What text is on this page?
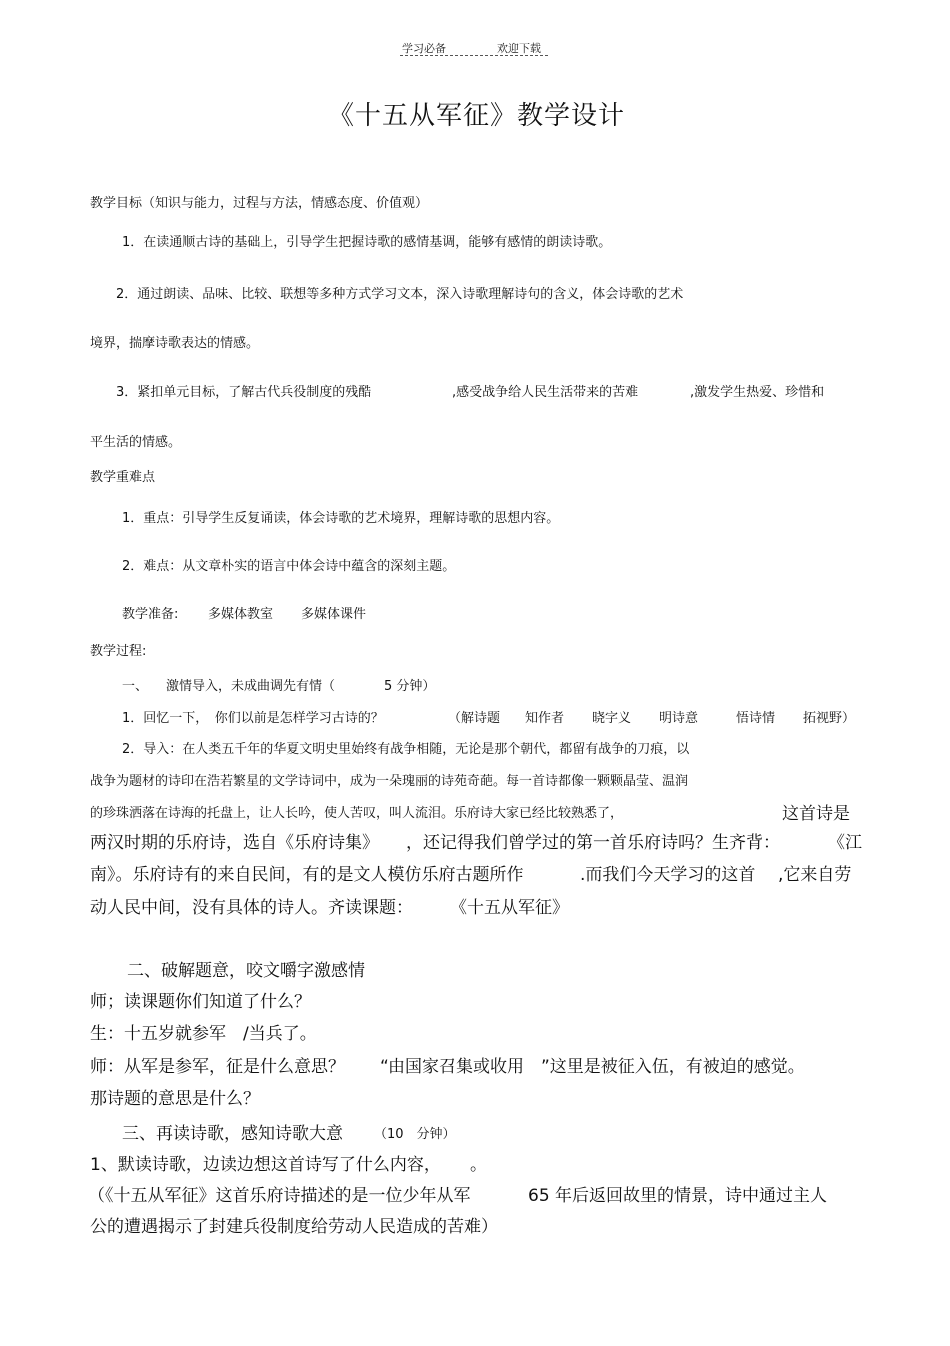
学习必备	欢迎下载
《十五从军征》教学设计
教学目标（知识与能力，过程与方法，情感态度、价值观）
1．在读通顺古诗的基础上，引导学生把握诗歌的感情基调，能够有感情的朗读诗歌。
2．通过朗读、品味、比较、联想等多种方式学习文本，深入诗歌理解诗句的含义，体会诗歌的艺术
境界，揣摩诗歌表达的情感。
3．紧扣单元目标，了解古代兵役制度的残酷	,感受战争给人民生活带来的苦难	,激发学生热爱、珍惜和
平生活的情感。
教学重难点
1．重点：引导学生反复诵读，体会诗歌的艺术境界，理解诗歌的思想内容。
2．难点：从文章朴实的语言中体会诗中蕴含的深刻主题。
教学准备: 多媒体教室 多媒体课件
教学过程:
一、 激情导入，未成曲调先有情（	5 分钟）
1．回忆一下，　你们以前是怎样学习古诗的？	（解诗题 知作者 晓字义 明诗意	悟诗情 拓视野）
2．导入：在人类五千年的华夏文明史里始终有战争相随，无论是那个朝代，都留有战争的刀痕，以
战争为题材的诗印在浩若繁星的文学诗词中，成为一朵瑰丽的诗苑奇葩。每一首诗都像一颗颗晶莹、温润
的珍珠洒落在诗海的托盘上，让人长吟，使人苦叹，叫人流泪。乐府诗大家已经比较熟悉了，	这首诗是
两汉时期的乐府诗，选自《乐府诗集》 ，还记得我们曾学过的第一首乐府诗吗？生齐背：	《江
南》。乐府诗有的来自民间，有的是文人模仿乐府古题所作	.而我们今天学习的这首 ,它来自劳
动人民中间，没有具体的诗人。齐读课题： 《十五从军征》
二、破解题意，咬文嚼字激感情
师；读课题你们知道了什么？
生：十五岁就参军　/当兵了。
师：从军是参军，征是什么意思？ “ 由国家召集或收用　”这里是被征入伍，有被迫的感觉。
那诗题的意思是什么？
三、再读诗歌，感知诗歌大意 （10　分钟）
1、默读诗歌，边读边想这首诗写了什么内容， 。
（《十五从军征》这首乐府诗描述的是一位少年从军	65 年后返回故里的情景，诗中通过主人
公的遭遇揭示了封建兵役制度给劳动人民造成的苦难）
